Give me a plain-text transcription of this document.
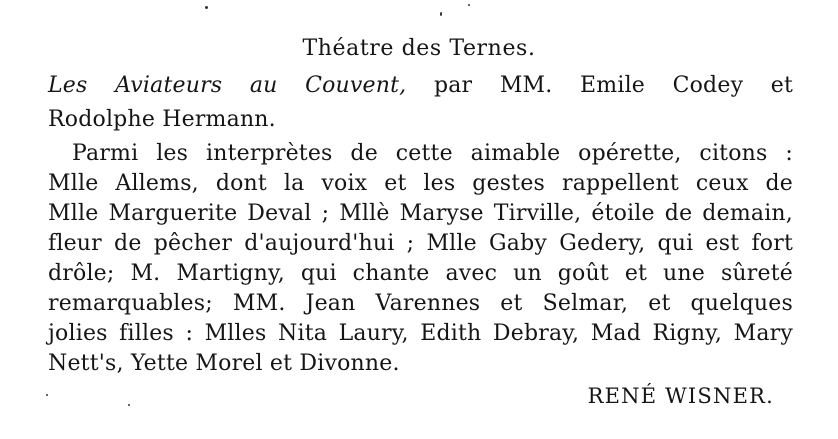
Théatre des Ternes.
Les Aviateurs au Couvent, par MM. Emile Codey et
Rodolphe Hermann.
Parmi les interprètes de cette aimable opérette, citons :
Mlle Allems, dont la voix et les gestes rappellent ceux de
Mlle Marguerite Deval ; Mllè Maryse Tirville, étoile de demain,
fleur de pêcher d'aujourd'hui ; Mlle Gaby Gedery, qui est fort
drôle; M. Martigny, qui chante avec un goût et une sûreté
remarquables; MM. Jean Varennes et Selmar, et quelques
jolies filles : Mlles Nita Laury, Edith Debray, Mad Rigny, Mary
Nett's, Yette Morel et Divonne.
RENÉ WISNER.
